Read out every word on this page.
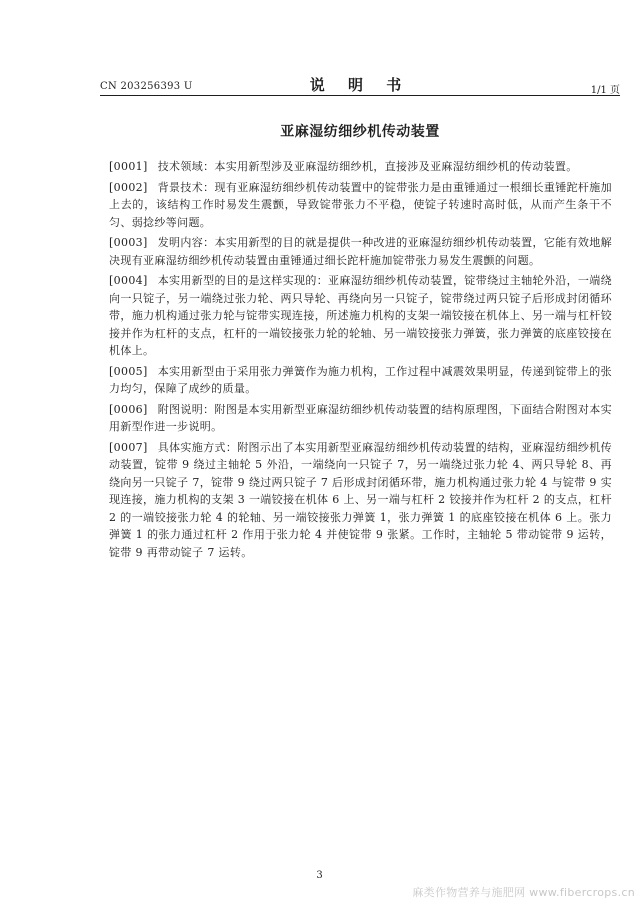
CN 203256393 U	说 明 书	1/1 页
亚麻湿纺细纱机传动装置

[0001] 技术领域：本实用新型涉及亚麻湿纺细纱机，直接涉及亚麻湿纺细纱机的传动装置。

[0002] 背景技术：现有亚麻湿纺细纱机传动装置中的锭带张力是由重锤通过一根细长重锤跎杆施加上去的，该结构工作时易发生震颤，导致锭带张力不平稳，使锭子转速时高时低，从而产生条干不匀、弱捻纱等问题。

[0003] 发明内容：本实用新型的目的就是提供一种改进的亚麻湿纺细纱机传动装置，它能有效地解决现有亚麻湿纺细纱机传动装置由重锤通过细长跎杆施加锭带张力易发生震颤的问题。

[0004] 本实用新型的目的是这样实现的：亚麻湿纺细纱机传动装置，锭带绕过主轴轮外沿，一端绕向一只锭子，另一端绕过张力轮、两只导轮、再绕向另一只锭子，锭带绕过两只锭子后形成封闭循环带，施力机构通过张力轮与锭带实现连接，所述施力机构的支架一端铰接在机体上、另一端与杠杆铰接并作为杠杆的支点，杠杆的一端铰接张力轮的轮轴、另一端铰接张力弹簧，张力弹簧的底座铰接在机体上。

[0005] 本实用新型由于采用张力弹簧作为施力机构，工作过程中减震效果明显，传递到锭带上的张力均匀，保障了成纱的质量。

[0006] 附图说明：附图是本实用新型亚麻湿纺细纱机传动装置的结构原理图，下面结合附图对本实用新型作进一步说明。

[0007] 具体实施方式：附图示出了本实用新型亚麻湿纺细纱机传动装置的结构，亚麻湿纺细纱机传动装置，锭带 9 绕过主轴轮 5 外沿，一端绕向一只锭子 7，另一端绕过张力轮 4、两只导轮 8、再绕向另一只锭子 7，锭带 9 绕过两只锭子 7 后形成封闭循环带，施力机构通过张力轮 4 与锭带 9 实现连接，施力机构的支架 3 一端铰接在机体 6 上、另一端与杠杆 2 铰接并作为杠杆 2 的支点，杠杆 2 的一端铰接张力轮 4 的轮轴、另一端铰接张力弹簧 1，张力弹簧 1 的底座铰接在机体 6 上。张力弹簧 1 的张力通过杠杆 2 作用于张力轮 4 并使锭带 9 张紧。工作时，主轴轮 5 带动锭带 9 运转，锭带 9 再带动锭子 7 运转。

3
麻类作物营养与施肥网 www.fibercrops.cn
